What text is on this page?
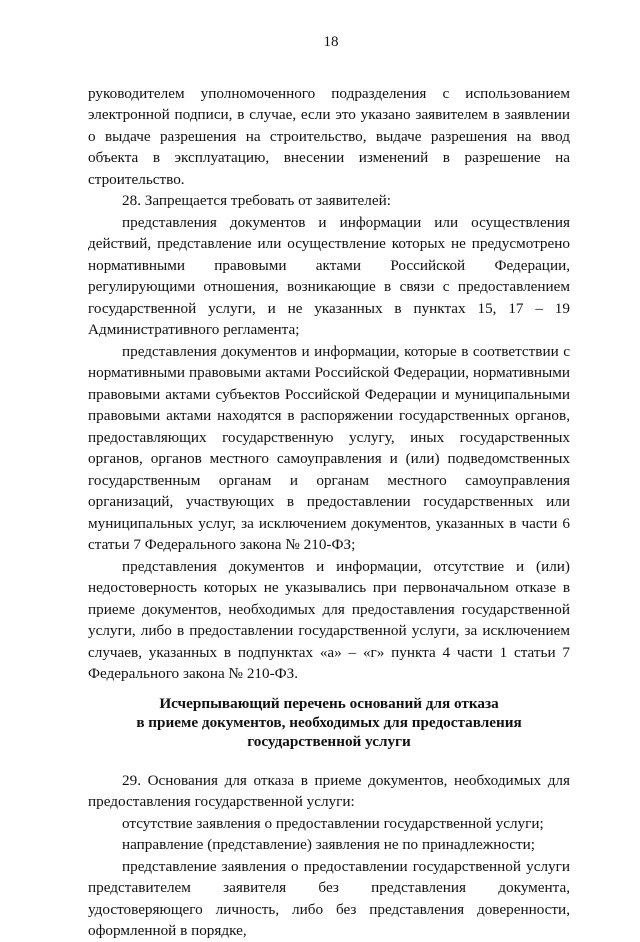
18

руководителем уполномоченного подразделения с использованием электронной подписи, в случае, если это указано заявителем в заявлении о выдаче разрешения на строительство, выдаче разрешения на ввод объекта в эксплуатацию, внесении изменений в разрешение на строительство.

28. Запрещается требовать от заявителей:

представления документов и информации или осуществления действий, представление или осуществление которых не предусмотрено нормативными правовыми актами Российской Федерации, регулирующими отношения, возникающие в связи с предоставлением государственной услуги, и не указанных в пунктах 15, 17 – 19 Административного регламента;

представления документов и информации, которые в соответствии с нормативными правовыми актами Российской Федерации, нормативными правовыми актами субъектов Российской Федерации и муниципальными правовыми актами находятся в распоряжении государственных органов, предоставляющих государственную услугу, иных государственных органов, органов местного самоуправления и (или) подведомственных государственным органам и органам местного самоуправления организаций, участвующих в предоставлении государственных или муниципальных услуг, за исключением документов, указанных в части 6 статьи 7 Федерального закона № 210-ФЗ;

представления документов и информации, отсутствие и (или) недостоверность которых не указывались при первоначальном отказе в приеме документов, необходимых для предоставления государственной услуги, либо в предоставлении государственной услуги, за исключением случаев, указанных в подпунктах «а» – «г» пункта 4 части 1 статьи 7 Федерального закона № 210-ФЗ.

Исчерпывающий перечень оснований для отказа
в приеме документов, необходимых для предоставления
государственной услуги

29. Основания для отказа в приеме документов, необходимых для предоставления государственной услуги:

отсутствие заявления о предоставлении государственной услуги;

направление (представление) заявления не по принадлежности;

представление заявления о предоставлении государственной услуги представителем заявителя без представления документа, удостоверяющего личность, либо без представления доверенности, оформленной в порядке,
